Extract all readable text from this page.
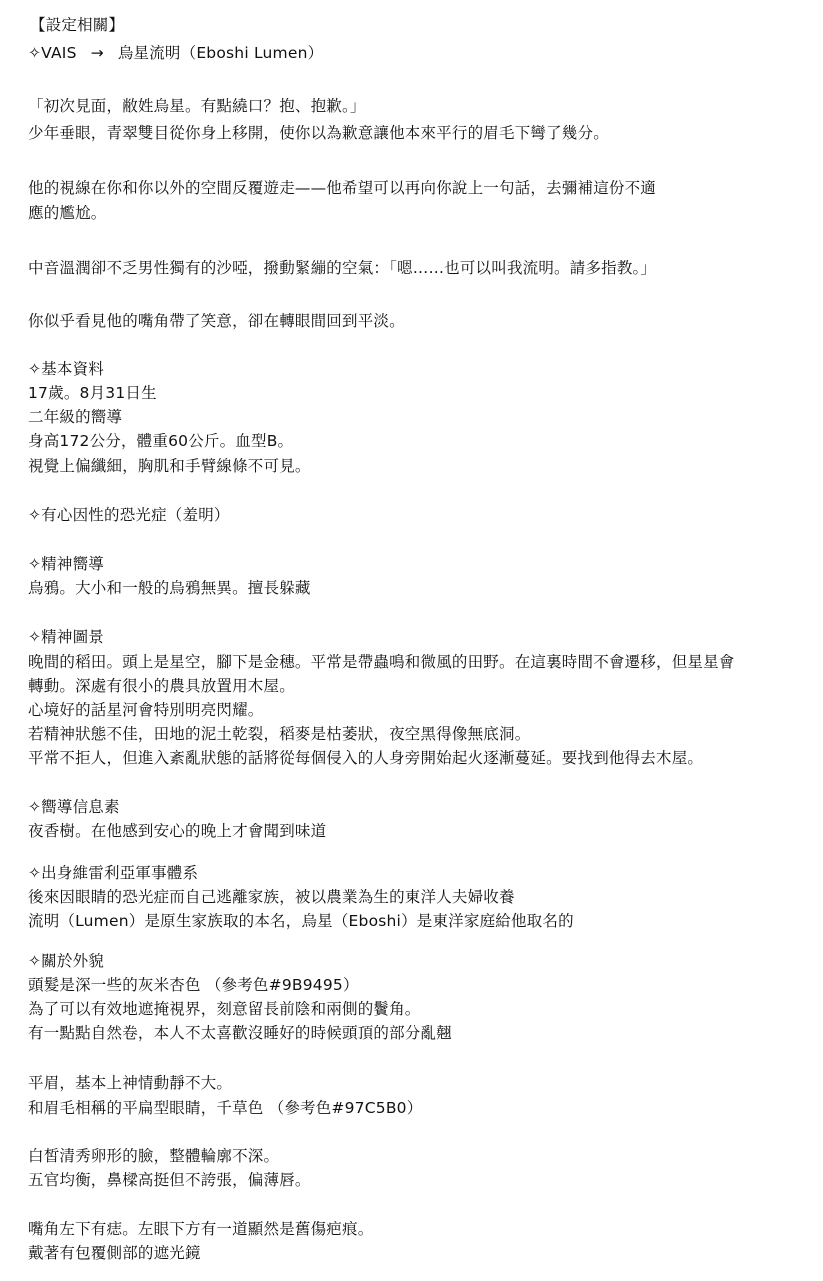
【設定相關】
✧VAIS → 烏星流明（Eboshi Lumen）
「初次見面，敝姓烏星。有點繞口？抱、抱歉。」
少年垂眼，青翠雙目從你身上移開，使你以為歉意讓他本來平行的眉毛下彎了幾分。
他的視線在你和你以外的空間反覆遊走——他希望可以再向你說上一句話，去彌補這份不適
應的尷尬。
中音溫潤卻不乏男性獨有的沙啞，撥動緊繃的空氣：「嗯……也可以叫我流明。請多指教。」
你似乎看見他的嘴角帶了笑意，卻在轉眼間回到平淡。
✧基本資料
17歲。8月31日生
二年級的嚮導
身高172公分，體重60公斤。血型B。
視覺上偏纖細，胸肌和手臂線條不可見。
✧有心因性的恐光症（羞明）
✧精神嚮導
烏鴉。大小和一般的烏鴉無異。擅長躲藏
✧精神圖景
晚間的稻田。頭上是星空，腳下是金穗。平常是帶蟲鳴和微風的田野。在這裏時間不會遷移，但星星會
轉動。深處有很小的農具放置用木屋。
心境好的話星河會特別明亮閃耀。
若精神狀態不佳，田地的泥土乾裂，稻麥是枯萎狀，夜空黑得像無底洞。
平常不拒人，但進入紊亂狀態的話將從每個侵入的人身旁開始起火逐漸蔓延。要找到他得去木屋。
✧嚮導信息素
夜香樹。在他感到安心的晚上才會聞到味道
✧出身維雷利亞軍事體系
後來因眼睛的恐光症而自己逃離家族，被以農業為生的東洋人夫婦收養
流明（Lumen）是原生家族取的本名，烏星（Eboshi）是東洋家庭給他取名的
✧關於外貌
頭髮是深一些的灰米杏色 （參考色#9B9495）
為了可以有效地遮掩視界，刻意留長前陰和兩側的鬢角。
有一點點自然卷，本人不太喜歡沒睡好的時候頭頂的部分亂翹
平眉，基本上神情動靜不大。
和眉毛相稱的平扁型眼睛，千草色 （參考色#97C5B0）
白皙清秀卵形的臉，整體輪廓不深。
五官均衡，鼻樑高挺但不誇張，偏薄唇。
嘴角左下有痣。左眼下方有一道顯然是舊傷疤痕。
戴著有包覆側部的遮光鏡
